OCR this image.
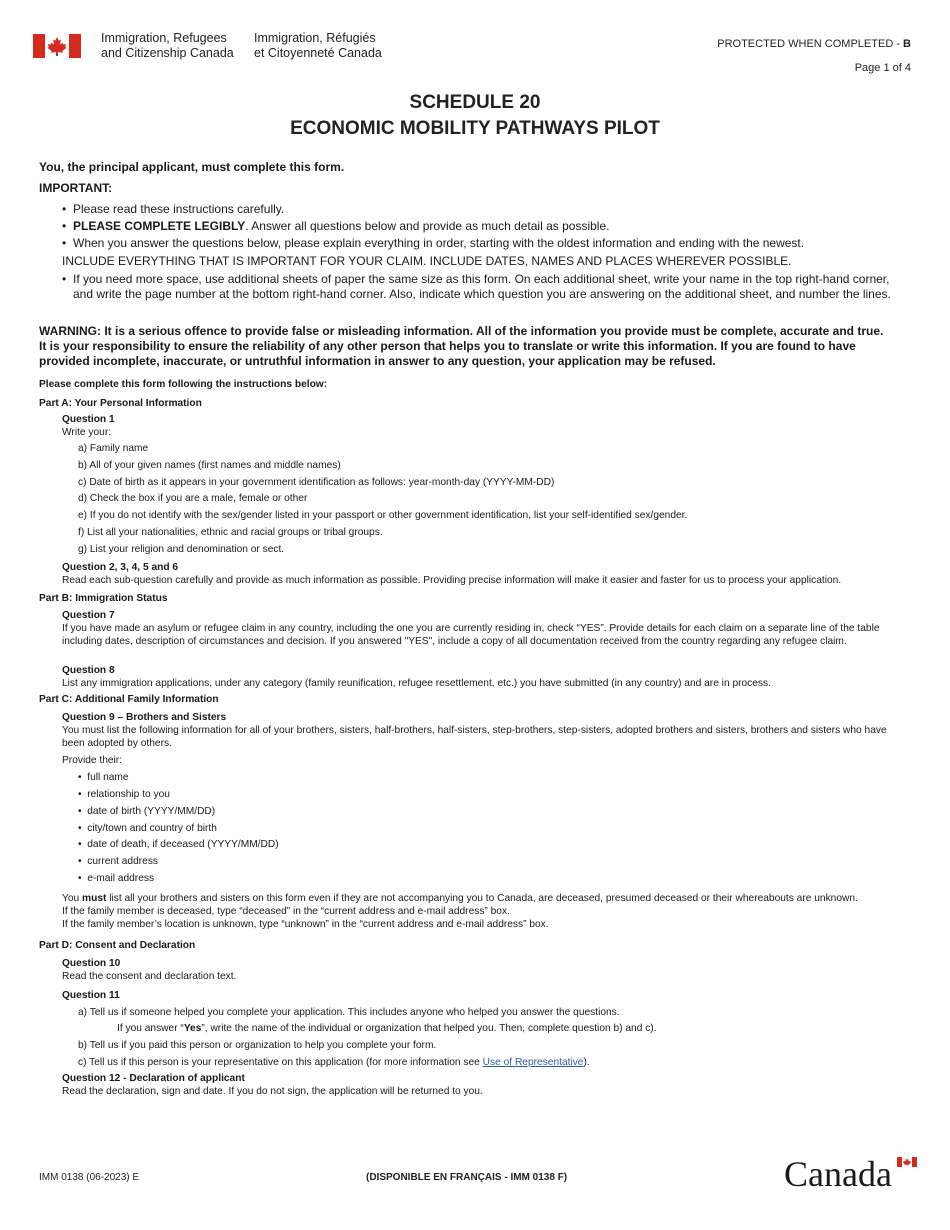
Immigration, Refugees
and Citizenship Canada
Immigration, Réfugiés
et Citoyenneté Canada
PROTECTED WHEN COMPLETED - B
Page 1 of 4
SCHEDULE 20
ECONOMIC MOBILITY PATHWAYS PILOT
You, the principal applicant, must complete this form.
IMPORTANT:
• Please read these instructions carefully.
• PLEASE COMPLETE LEGIBLY. Answer all questions below and provide as much detail as possible.
• When you answer the questions below, please explain everything in order, starting with the oldest information and ending with the newest.
INCLUDE EVERYTHING THAT IS IMPORTANT FOR YOUR CLAIM. INCLUDE DATES, NAMES AND PLACES WHEREVER POSSIBLE.
• If you need more space, use additional sheets of paper the same size as this form. On each additional sheet, write your name in the top right-hand corner, and write the page number at the bottom right-hand corner. Also, indicate which question you are answering on the additional sheet, and number the lines.
WARNING: It is a serious offence to provide false or misleading information. All of the information you provide must be complete, accurate and true. It is your responsibility to ensure the reliability of any other person that helps you to translate or write this information. If you are found to have provided incomplete, inaccurate, or untruthful information in answer to any question, your application may be refused.
Please complete this form following the instructions below:
Part A: Your Personal Information
Question 1
Write your:
a) Family name
b) All of your given names (first names and middle names)
c) Date of birth as it appears in your government identification as follows: year-month-day (YYYY-MM-DD)
d) Check the box if you are a male, female or other
e) If you do not identify with the sex/gender listed in your passport or other government identification, list your self-identified sex/gender.
f) List all your nationalities, ethnic and racial groups or tribal groups.
g) List your religion and denomination or sect.
Question 2, 3, 4, 5 and 6
Read each sub-question carefully and provide as much information as possible. Providing precise information will make it easier and faster for us to process your application.
Part B: Immigration Status
Question 7
If you have made an asylum or refugee claim in any country, including the one you are currently residing in, check “YES”. Provide details for each claim on a separate line of the table including dates, description of circumstances and decision. If you answered "YES", include a copy of all documentation received from the country regarding any refugee claim.
Question 8
List any immigration applications, under any category (family reunification, refugee resettlement, etc.) you have submitted (in any country) and are in process.
Part C: Additional Family Information
Question 9 – Brothers and Sisters
You must list the following information for all of your brothers, sisters, half-brothers, half-sisters, step-brothers, step-sisters, adopted brothers and sisters, brothers and sisters who have been adopted by others.
Provide their:
•  full name
•  relationship to you
•  date of birth (YYYY/MM/DD)
•  city/town and country of birth
•  date of death, if deceased (YYYY/MM/DD)
•  current address
•  e-mail address
You must list all your brothers and sisters on this form even if they are not accompanying you to Canada, are deceased, presumed deceased or their whereabouts are unknown.
If the family member is deceased, type “deceased” in the “current address and e-mail address” box.
If the family member’s location is unknown, type “unknown” in the “current address and e-mail address” box.
Part D: Consent and Declaration
Question 10
Read the consent and declaration text.
Question 11
a) Tell us if someone helped you complete your application. This includes anyone who helped you answer the questions.
If you answer “Yes”, write the name of the individual or organization that helped you. Then, complete question b) and c).
b) Tell us if you paid this person or organization to help you complete your form.
c) Tell us if this person is your representative on this application (for more information see Use of Representative).
Question 12 - Declaration of applicant
Read the declaration, sign and date. If you do not sign, the application will be returned to you.
IMM 0138 (06-2023) E	(DISPONIBLE EN FRANÇAIS - IMM 0138 F)	Canada
